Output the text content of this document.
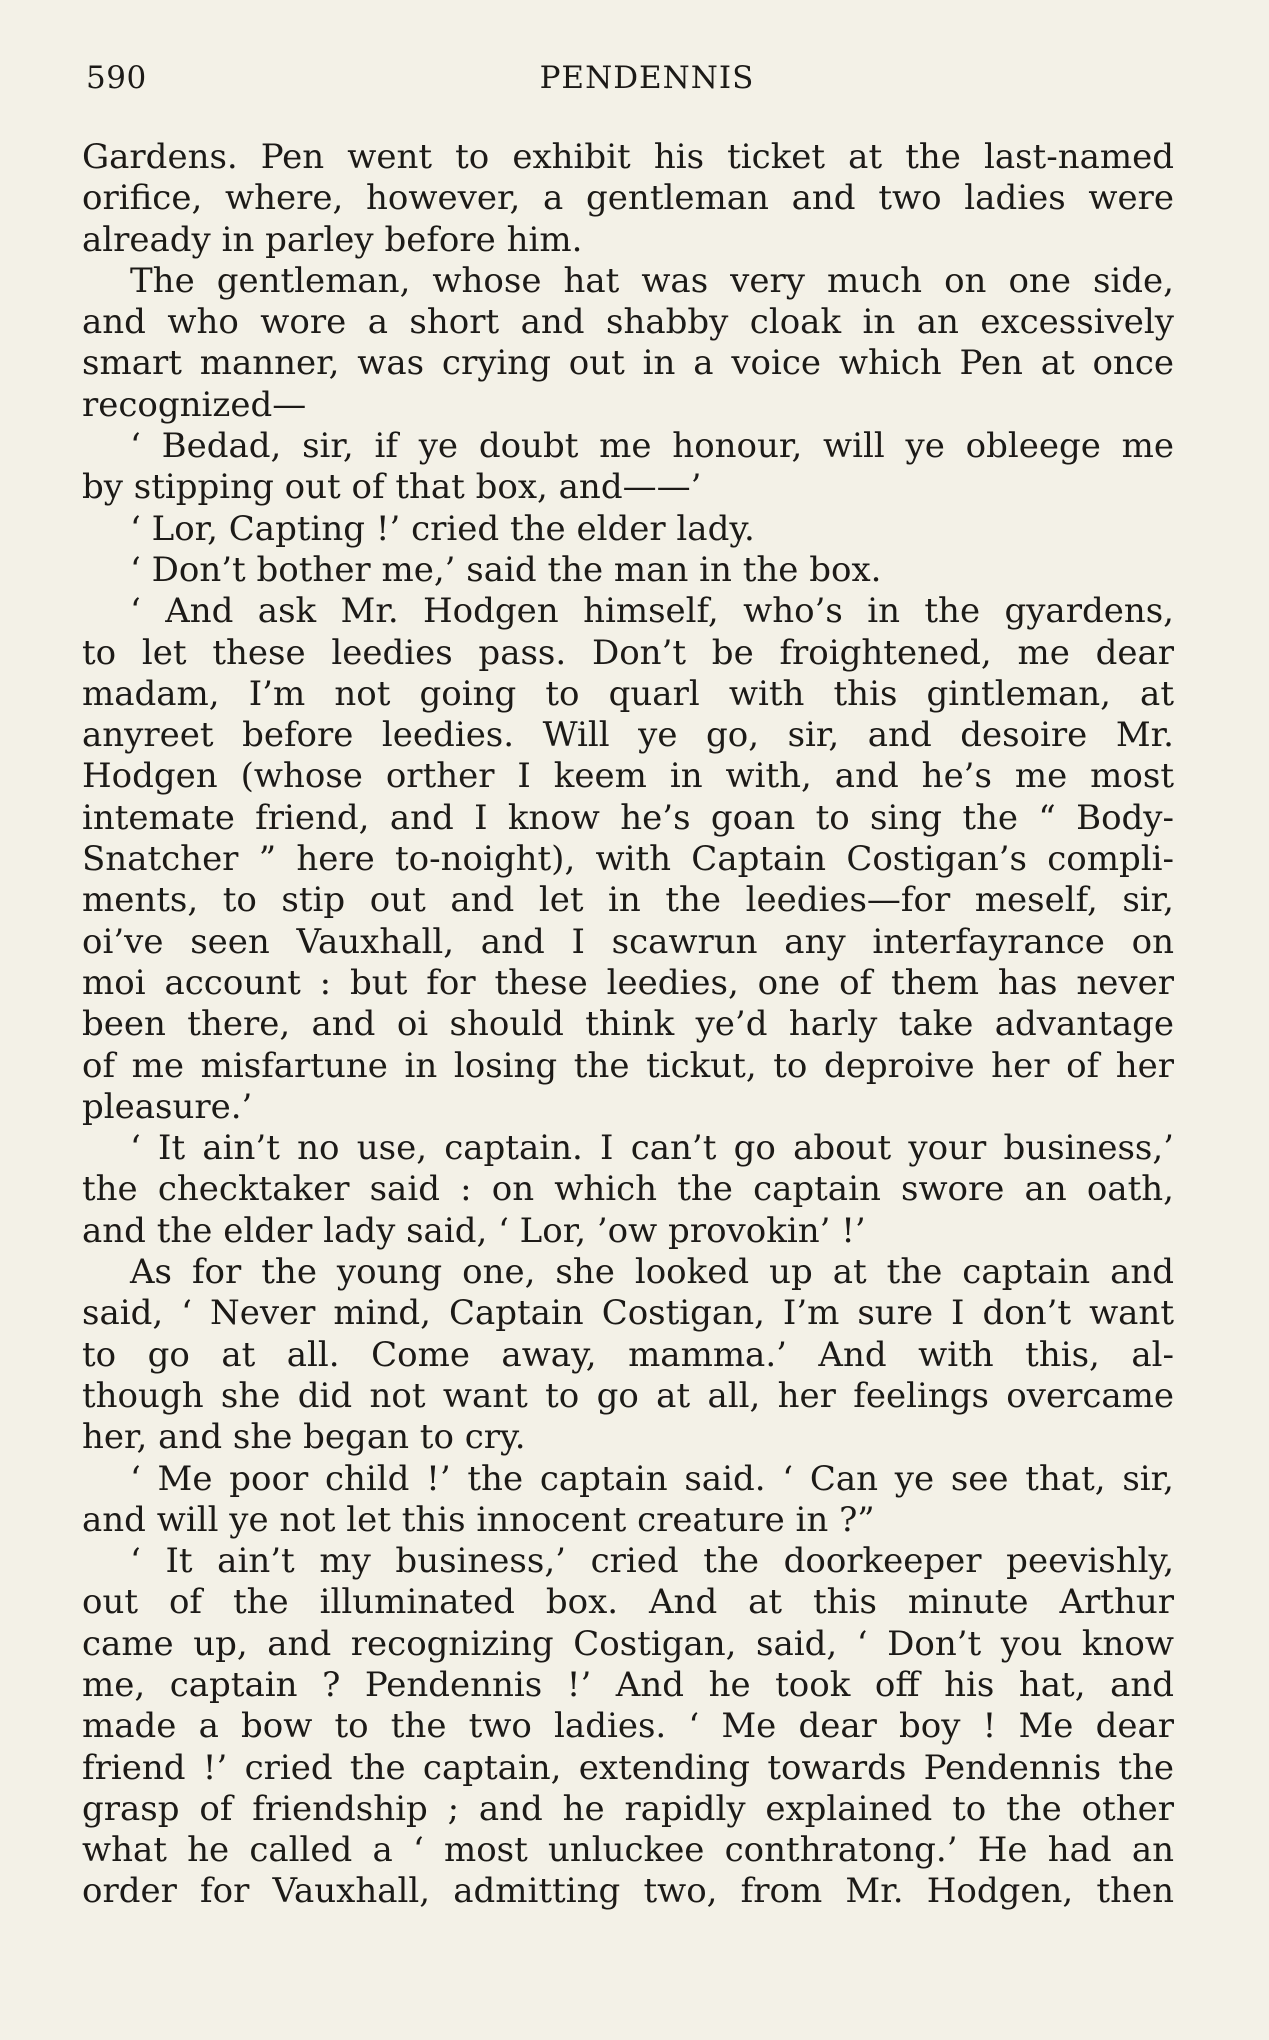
590	PENDENNIS
Gardens. Pen went to exhibit his ticket at the last-named
orifice, where, however, a gentleman and two ladies were
already in parley before him.
The gentleman, whose hat was very much on one side,
and who wore a short and shabby cloak in an excessively
smart manner, was crying out in a voice which Pen at once
recognized—
‘ Bedad, sir, if ye doubt me honour, will ye obleege me
by stipping out of that box, and——’
‘ Lor, Capting !’ cried the elder lady.
‘ Don’t bother me,’ said the man in the box.
‘ And ask Mr. Hodgen himself, who’s in the gyardens,
to let these leedies pass. Don’t be froightened, me dear
madam, I’m not going to quarl with this gintleman, at
anyreet before leedies. Will ye go, sir, and desoire Mr.
Hodgen (whose orther I keem in with, and he’s me most
intemate friend, and I know he’s goan to sing the “ Body-
Snatcher ” here to-noight), with Captain Costigan’s compli-
ments, to stip out and let in the leedies—for meself, sir,
oi’ve seen Vauxhall, and I scawrun any interfayrance on
moi account : but for these leedies, one of them has never
been there, and oi should think ye’d harly take advantage
of me misfartune in losing the tickut, to deproive her of her
pleasure.’
‘ It ain’t no use, captain. I can’t go about your business,’
the checktaker said : on which the captain swore an oath,
and the elder lady said, ‘ Lor, ’ow provokin’ !’
As for the young one, she looked up at the captain and
said, ‘ Never mind, Captain Costigan, I’m sure I don’t want
to go at all. Come away, mamma.’ And with this, al-
though she did not want to go at all, her feelings overcame
her, and she began to cry.
‘ Me poor child !’ the captain said. ‘ Can ye see that, sir,
and will ye not let this innocent creature in ?”
‘ It ain’t my business,’ cried the doorkeeper peevishly,
out of the illuminated box. And at this minute Arthur
came up, and recognizing Costigan, said, ‘ Don’t you know
me, captain ? Pendennis !’ And he took off his hat, and
made a bow to the two ladies. ‘ Me dear boy ! Me dear
friend !’ cried the captain, extending towards Pendennis the
grasp of friendship ; and he rapidly explained to the other
what he called a ‘ most unluckee conthratong.’ He had an
order for Vauxhall, admitting two, from Mr. Hodgen, then
